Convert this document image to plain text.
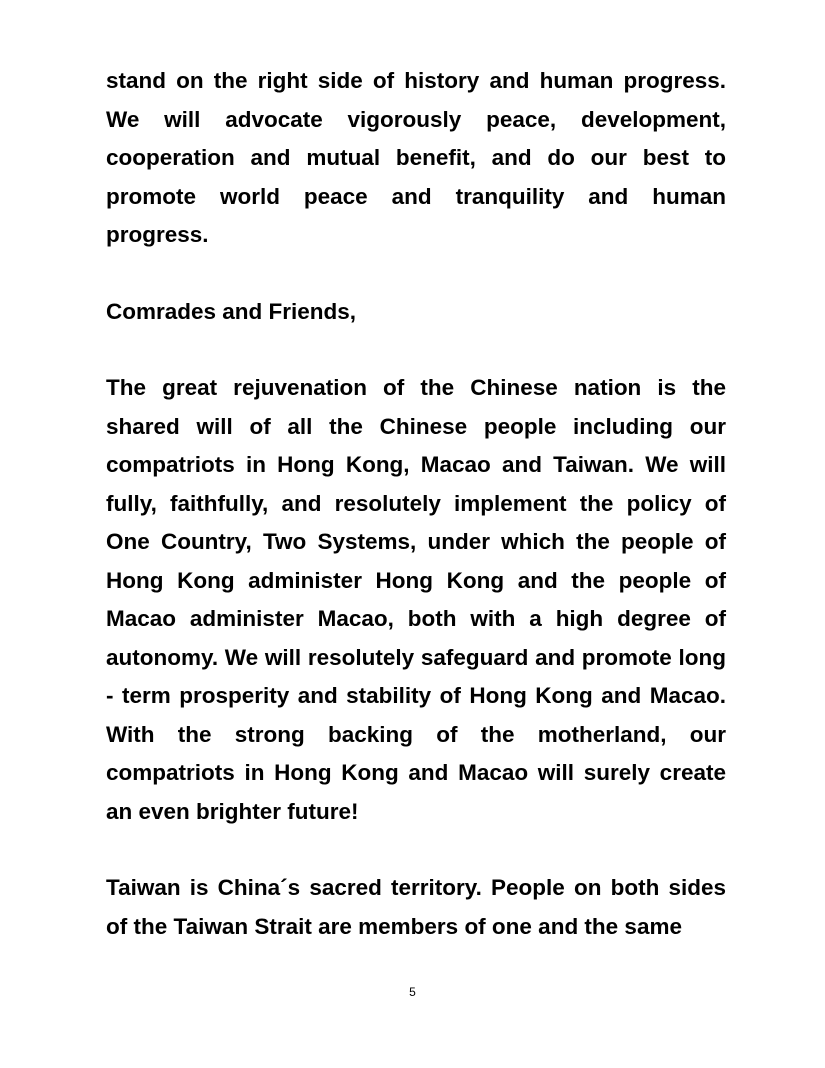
stand on the right side of history and human progress. We will advocate vigorously peace, development, cooperation and mutual benefit, and do our best to promote world peace and tranquility and human progress.

Comrades and Friends,

The great rejuvenation of the Chinese nation is the shared will of all the Chinese people including our compatriots in Hong Kong, Macao and Taiwan. We will fully, faithfully, and resolutely implement the policy of One Country, Two Systems, under which the people of Hong Kong administer Hong Kong and the people of Macao administer Macao, both with a high degree of autonomy. We will resolutely safeguard and promote long - term prosperity and stability of Hong Kong and Macao. With the strong backing of the motherland, our compatriots in Hong Kong and Macao will surely create an even brighter future!

Taiwan is China´s sacred territory. People on both sides of the Taiwan Strait are members of one and the same

5
